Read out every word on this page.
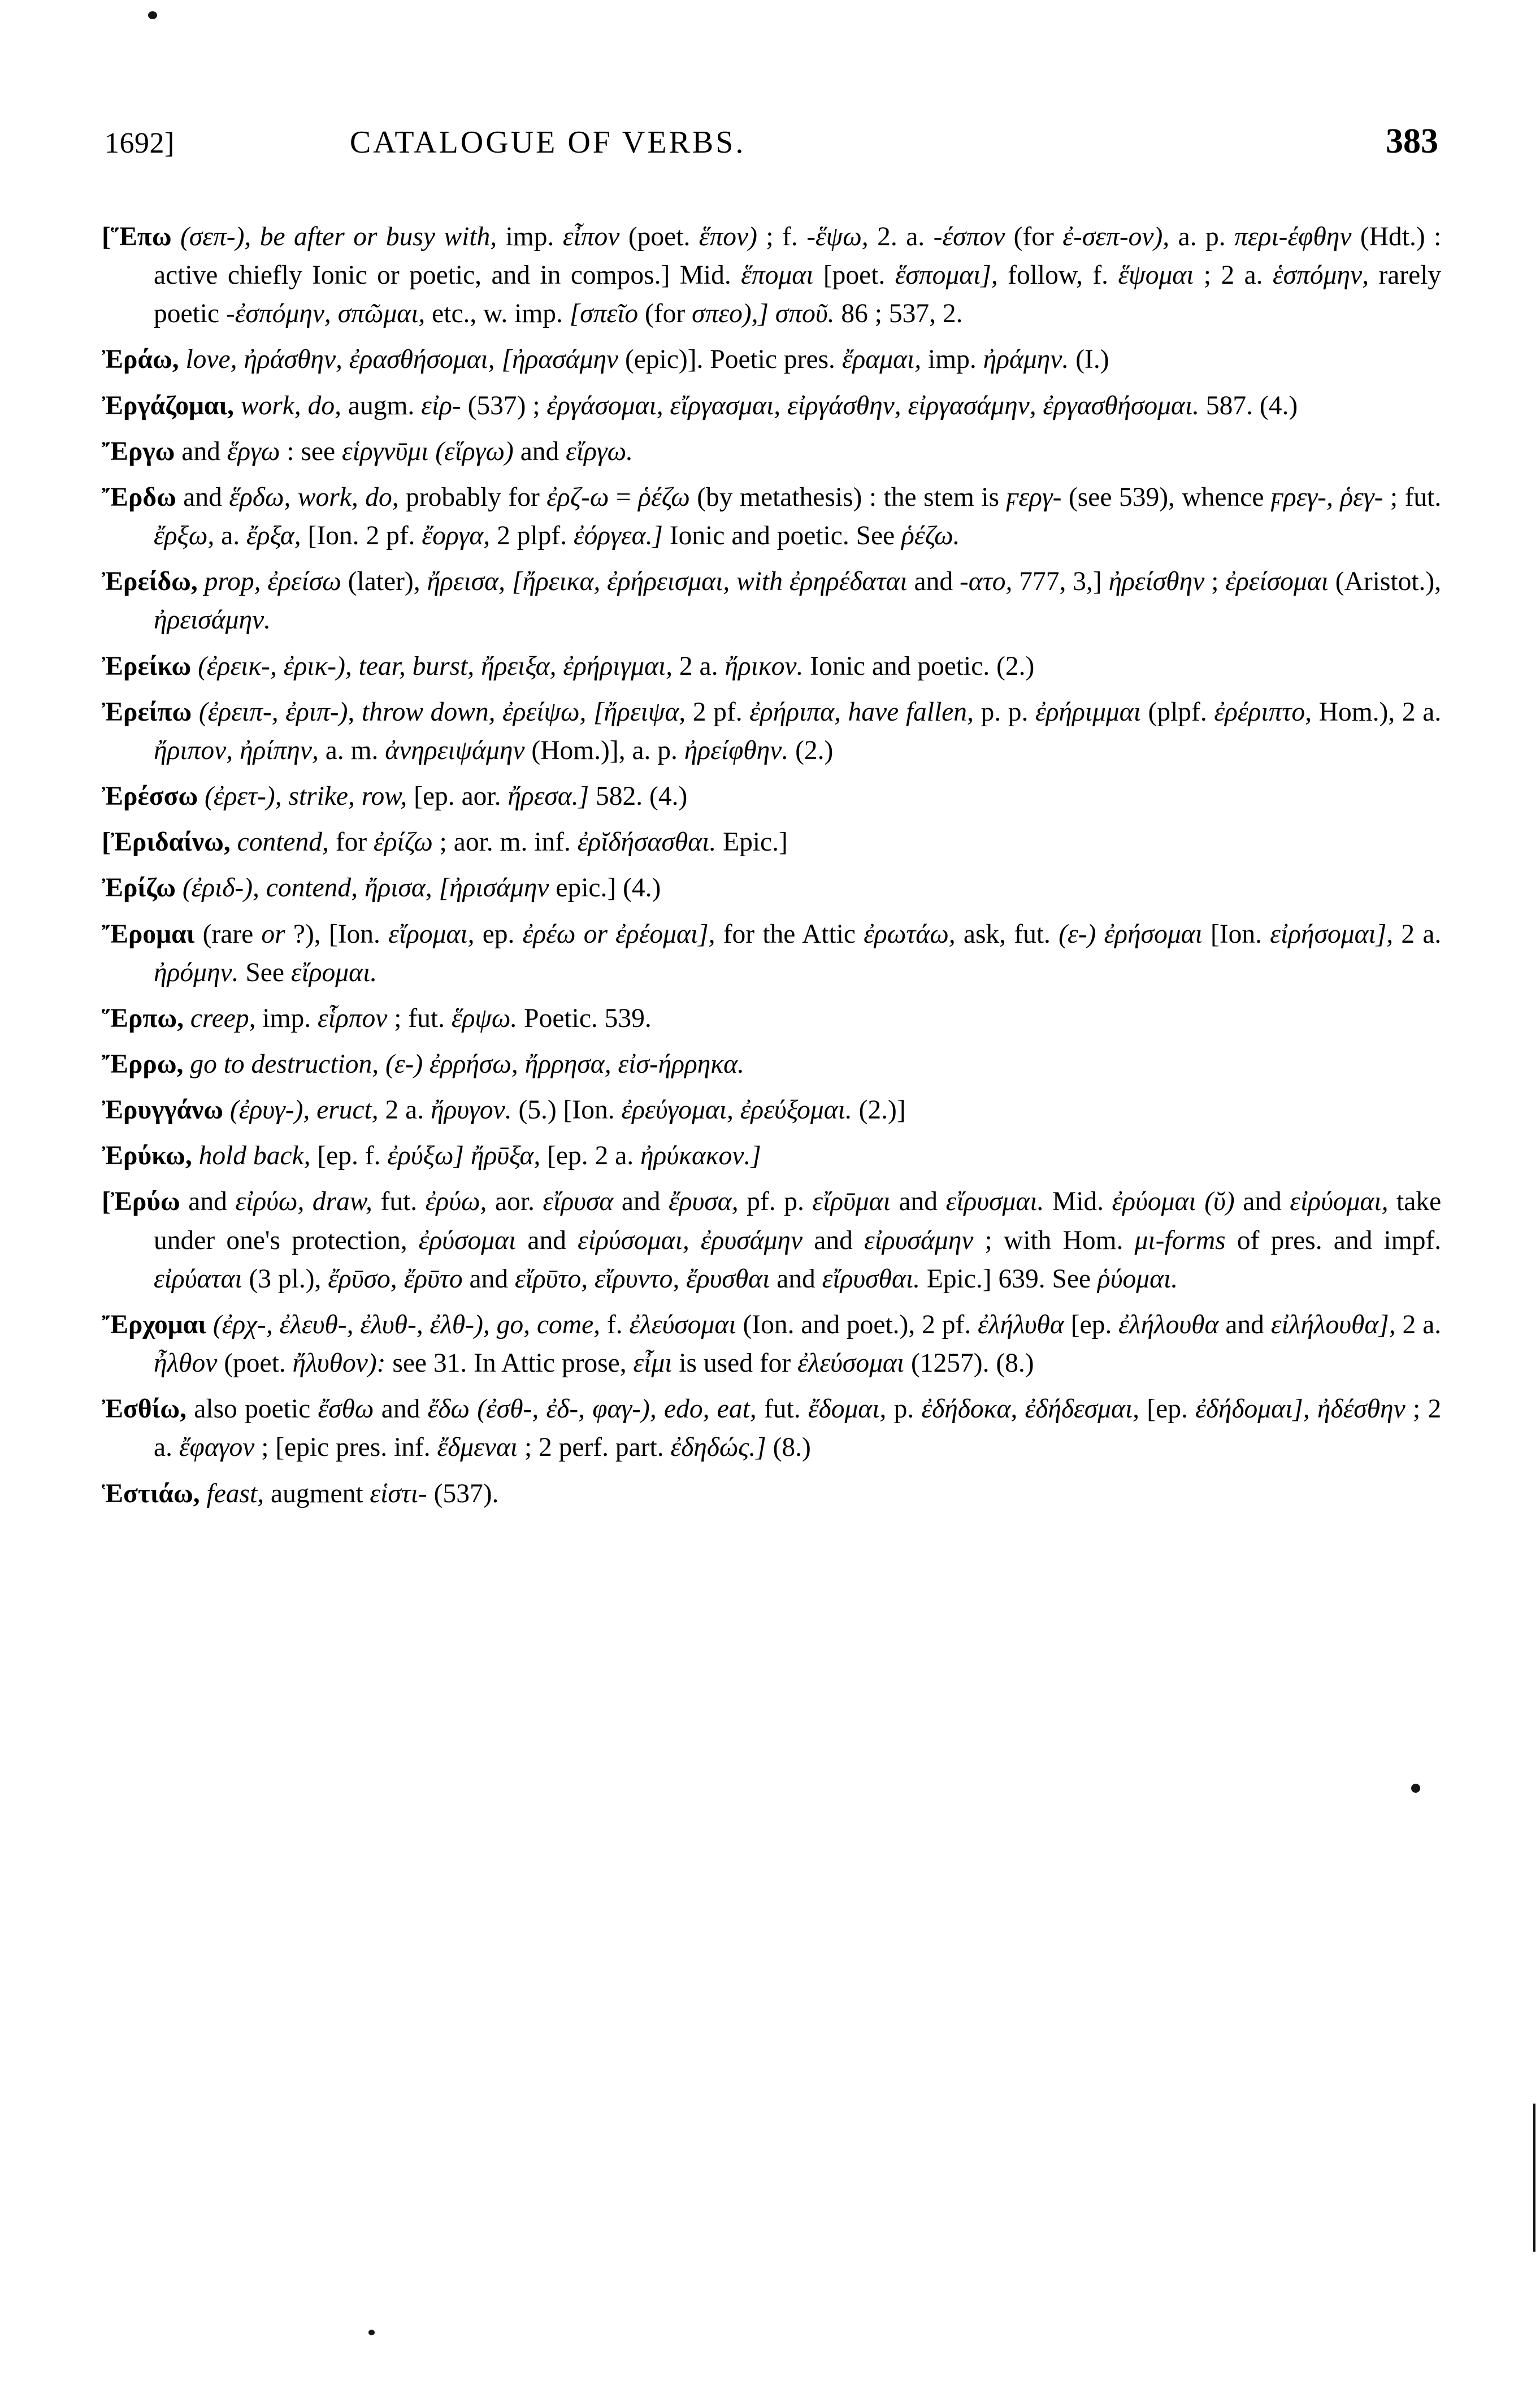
1692]	CATALOGUE OF VERBS.	383

[Ἕπω (σεπ-), be after or busy with, imp. εἶπον (poet. ἕπον) ; f. -ἕψω, 2. a. -έσπον (for ἐ-σεπ-ον), a. p. περι-έφθην (Hdt.) : active chiefly Ionic or poetic, and in compos.] Mid. ἕπομαι [poet. ἕσπομαι], follow, f. ἕψομαι ; 2 a. ἑσπόμην, rarely poetic -ἐσπόμην, σπῶμαι, etc., w. imp. [σπεῖο (for σπεο),] σποῦ. 86 ; 537, 2.

Ἐράω, love, ἠράσθην, ἐρασθήσομαι, [ἠρασάμην (epic)]. Poetic pres. ἔραμαι, imp. ἠράμην. (I.)

Ἐργάζομαι, work, do, augm. εἰρ- (537) ; ἐργάσομαι, εἴργασμαι, εἰργάσθην, εἰργασάμην, ἐργασθήσομαι. 587. (4.)

Ἔργω and ἕργω : see εἱργνῡμι (εἵργω) and εἴργω.

Ἔρδω and ἕρδω, work, do, probably for ἐρζ-ω = ῥέζω (by metathesis) : the stem is ϝεργ- (see 539), whence ϝρεγ-, ῥεγ- ; fut. ἔρξω, a. ἔρξα, [Ion. 2 pf. ἔοργα, 2 plpf. ἐόργεα.] Ionic and poetic. See ῥέζω.

Ἐρείδω, prop, ἐρείσω (later), ἤρεισα, [ἤρεικα, ἐρήρεισμαι, with ἐρηρέδαται and -ατο, 777, 3,] ἠρείσθην ; ἐρείσομαι (Aristot.), ἠρεισάμην.

Ἐρείκω (ἐρεικ-, ἐρικ-), tear, burst, ἤρειξα, ἐρήριγμαι, 2 a. ἤρικον. Ionic and poetic. (2.)

Ἐρείπω (ἐρειπ-, ἐριπ-), throw down, ἐρείψω, [ἤρειψα, 2 pf. ἐρήριπα, have fallen, p. p. ἐρήριμμαι (plpf. ἐρέριπτο, Hom.), 2 a. ἤριπον, ἠρίπην, a. m. ἀνηρειψάμην (Hom.)], a. p. ἠρείφθην. (2.)

Ἐρέσσω (ἐρετ-), strike, row, [ep. aor. ἤρεσα.] 582. (4.)

[Ἐριδαίνω, contend, for ἐρίζω ; aor. m. inf. ἐρῐδήσασθαι. Epic.]

Ἐρίζω (ἐριδ-), contend, ἤρισα, [ἠρισάμην epic.] (4.)

Ἔρομαι (rare or ?), [Ion. εἴρομαι, ep. ἐρέω or ἐρέομαι], for the Attic ἐρωτάω, ask, fut. (ε-) ἐρήσομαι [Ion. εἰρήσομαι], 2 a. ἠρόμην. See εἴρομαι.

Ἕρπω, creep, imp. εἷρπον ; fut. ἕρψω. Poetic. 539.

Ἔρρω, go to destruction, (ε-) ἐρρήσω, ἤρρησα, εἰσ-ήρρηκα.

Ἐρυγγάνω (ἐρυγ-), eruct, 2 a. ἤρυγον. (5.) [Ion. ἐρεύγομαι, ἐρεύξομαι. (2.)]

Ἐρύκω, hold back, [ep. f. ἐρύξω] ἤρῡξα, [ep. 2 a. ἠρύκακον.]

[Ἐρύω and εἰρύω, draw, fut. ἐρύω, aor. εἴρυσα and ἔρυσα, pf. p. εἴρῡμαι and εἴρυσμαι. Mid. ἐρύομαι (ῠ) and εἰρύομαι, take under one's protection, ἐρύσομαι and εἰρύσομαι, ἐρυσάμην and εἰρυσάμην ; with Hom. μι-forms of pres. and impf. εἰρύαται (3 pl.), ἔρῡσο, ἔρῡτο and εἴρῡτο, εἴρυντο, ἔρυσθαι and εἴρυσθαι. Epic.] 639. See ῥύομαι.

Ἔρχομαι (ἐρχ-, ἐλευθ-, ἐλυθ-, ἐλθ-), go, come, f. ἐλεύσομαι (Ion. and poet.), 2 pf. ἐλήλυθα [ep. ἐλήλουθα and εἰλήλουθα], 2 a. ἦλθον (poet. ἤλυθον): see 31. In Attic prose, εἶμι is used for ἐλεύσομαι (1257). (8.)

Ἐσθίω, also poetic ἔσθω and ἔδω (ἐσθ-, ἐδ-, φαγ-), edo, eat, fut. ἔδομαι, p. ἐδήδοκα, ἐδήδεσμαι, [ep. ἐδήδομαι], ἠδέσθην ; 2 a. ἔφαγον ; [epic pres. inf. ἔδμεναι ; 2 perf. part. ἐδηδώς.] (8.)

Ἑστιάω, feast, augment εἱστι- (537).
